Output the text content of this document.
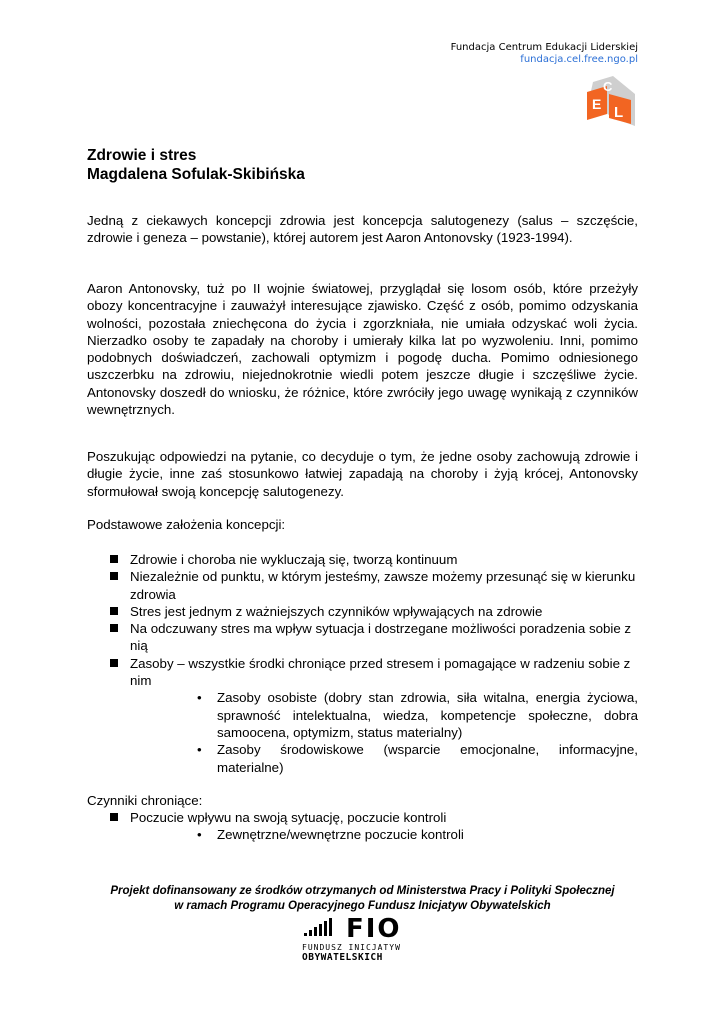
Fundacja Centrum Edukacji Liderskiej
fundacja.cel.free.ngo.pl
C
E L
Zdrowie i stres
Magdalena Sofulak-Skibińska
Jedną z ciekawych koncepcji zdrowia jest koncepcja salutogenezy (salus – szczęście, zdrowie i geneza – powstanie), której autorem jest Aaron Antonovsky (1923-1994).
Aaron Antonovsky, tuż po II wojnie światowej, przyglądał się losom osób, które przeżyły obozy koncentracyjne i zauważył interesujące zjawisko. Część z osób, pomimo odzyskania wolności, pozostała zniechęcona do życia i zgorzkniała, nie umiała odzyskać woli życia. Nierzadko osoby te zapadały na choroby i umierały kilka lat po wyzwoleniu. Inni, pomimo podobnych doświadczeń, zachowali optymizm i pogodę ducha. Pomimo odniesionego uszczerbku na zdrowiu, niejednokrotnie wiedli potem jeszcze długie i szczęśliwe życie. Antonovsky doszedł do wniosku, że różnice, które zwróciły jego uwagę wynikają z czynników wewnętrznych.
Poszukując odpowiedzi na pytanie, co decyduje o tym, że jedne osoby zachowują zdrowie i długie życie, inne zaś stosunkowo łatwiej zapadają na choroby i żyją krócej, Antonovsky sformułował swoją koncepcję salutogenezy.
Podstawowe założenia koncepcji:
Zdrowie i choroba nie wykluczają się, tworzą kontinuum
Niezależnie od punktu, w którym jesteśmy, zawsze możemy przesunąć się w kierunku zdrowia
Stres jest jednym z ważniejszych czynników wpływających na zdrowie
Na odczuwany stres ma wpływ sytuacja i dostrzegane możliwości poradzenia sobie z nią
Zasoby – wszystkie środki chroniące przed stresem i pomagające w radzeniu sobie z nim
• Zasoby osobiste (dobry stan zdrowia, siła witalna, energia życiowa, sprawność intelektualna, wiedza, kompetencje społeczne, dobra samoocena, optymizm, status materialny)
• Zasoby środowiskowe (wsparcie emocjonalne, informacyjne, materialne)
Czynniki chroniące:
Poczucie wpływu na swoją sytuację, poczucie kontroli
• Zewnętrzne/wewnętrzne poczucie kontroli
Projekt dofinansowany ze środków otrzymanych od Ministerstwa Pracy i Polityki Społecznej
w ramach Programu Operacyjnego Fundusz Inicjatyw Obywatelskich
FIO
FUNDUSZ INICJATYW
OBYWATELSKICH
